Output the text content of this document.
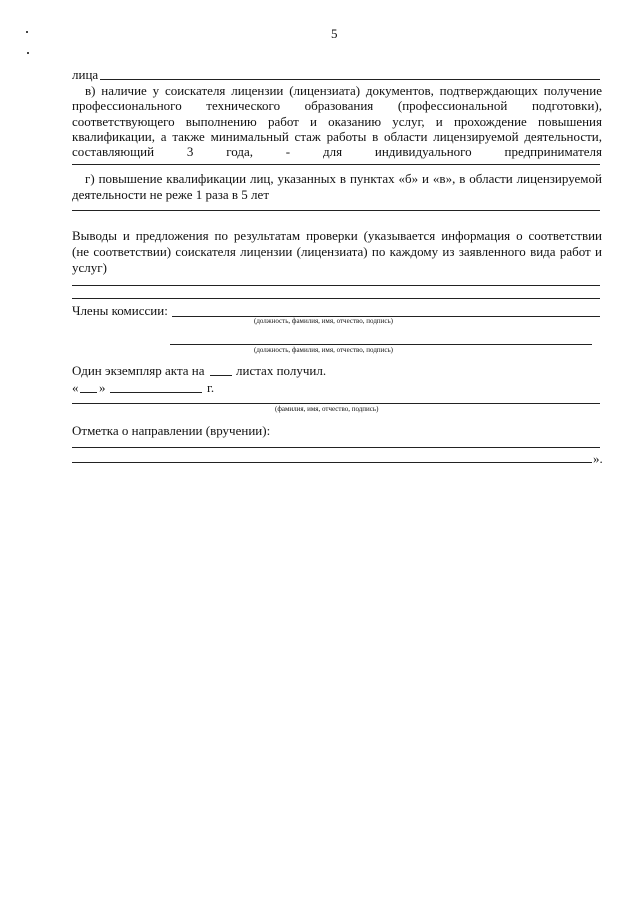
5
лица
в) наличие у соискателя лицензии (лицензиата) документов, подтверждающих получение
профессионального технического образования (профессиональной подготовки),
соответствующего выполнению работ и оказанию услуг, и прохождение повышения
квалификации, а также минимальный стаж работы в области лицензируемой деятельности,
составляющий 3 года, - для индивидуального предпринимателя
г) повышение квалификации лиц, указанных в пунктах «б» и «в», в области лицензируемой
деятельности не реже 1 раза в 5 лет
Выводы и предложения по результатам проверки (указывается информация о соответствии
(не соответствии) соискателя лицензии (лицензиата) по каждому из заявленного вида работ и
услуг)
Члены комиссии:
(должность, фамилия, имя, отчество, подпись)
(должность, фамилия, имя, отчество, подпись)
Один экземпляр акта на листах получил.
« »	г.
(фамилия, имя, отчество, подпись)
Отметка о направлении (вручении):
».
